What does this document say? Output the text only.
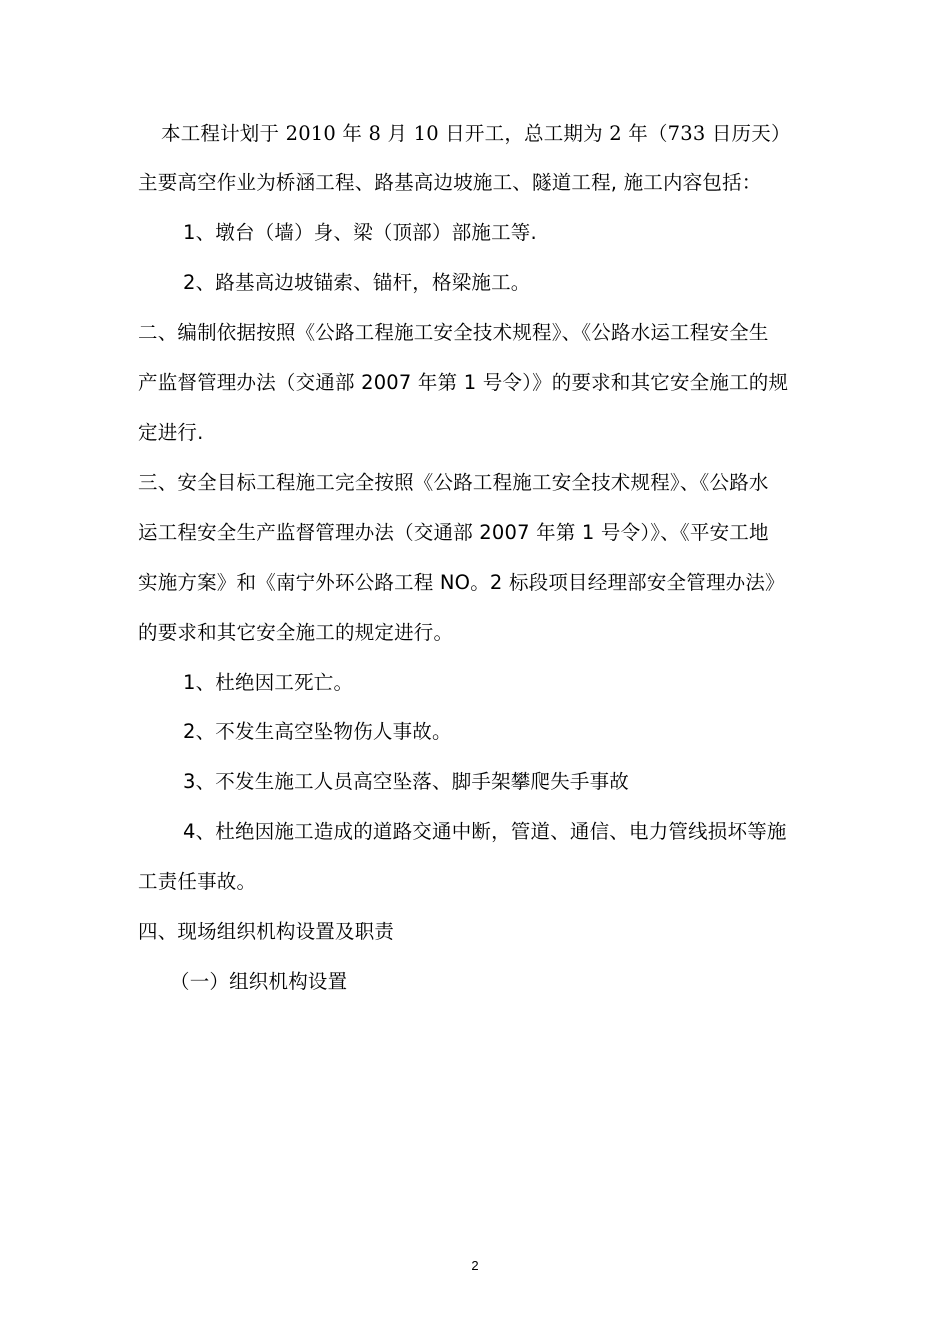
本工程计划于 2010 年 8 月 10 日开工，总工期为 2 年（733 日历天）
主要高空作业为桥涵工程、路基高边坡施工、隧道工程, 施工内容包括：
1、墩台（墙）身、梁（顶部）部施工等.
2、路基高边坡锚索、锚杆，格梁施工。
二、编制依据按照《公路工程施工安全技术规程》、《公路水运工程安全生
产监督管理办法（交通部 2007 年第 1 号令）》的要求和其它安全施工的规
定进行.
三、安全目标工程施工完全按照《公路工程施工安全技术规程》、《公路水
运工程安全生产监督管理办法（交通部 2007 年第 1 号令）》、《平安工地
实施方案》和《南宁外环公路工程 NO。2 标段项目经理部安全管理办法》
的要求和其它安全施工的规定进行。
1、杜绝因工死亡。
2、不发生高空坠物伤人事故。
3、不发生施工人员高空坠落、脚手架攀爬失手事故
4、杜绝因施工造成的道路交通中断，管道、通信、电力管线损坏等施
工责任事故。
四、现场组织机构设置及职责
（一）组织机构设置
2
